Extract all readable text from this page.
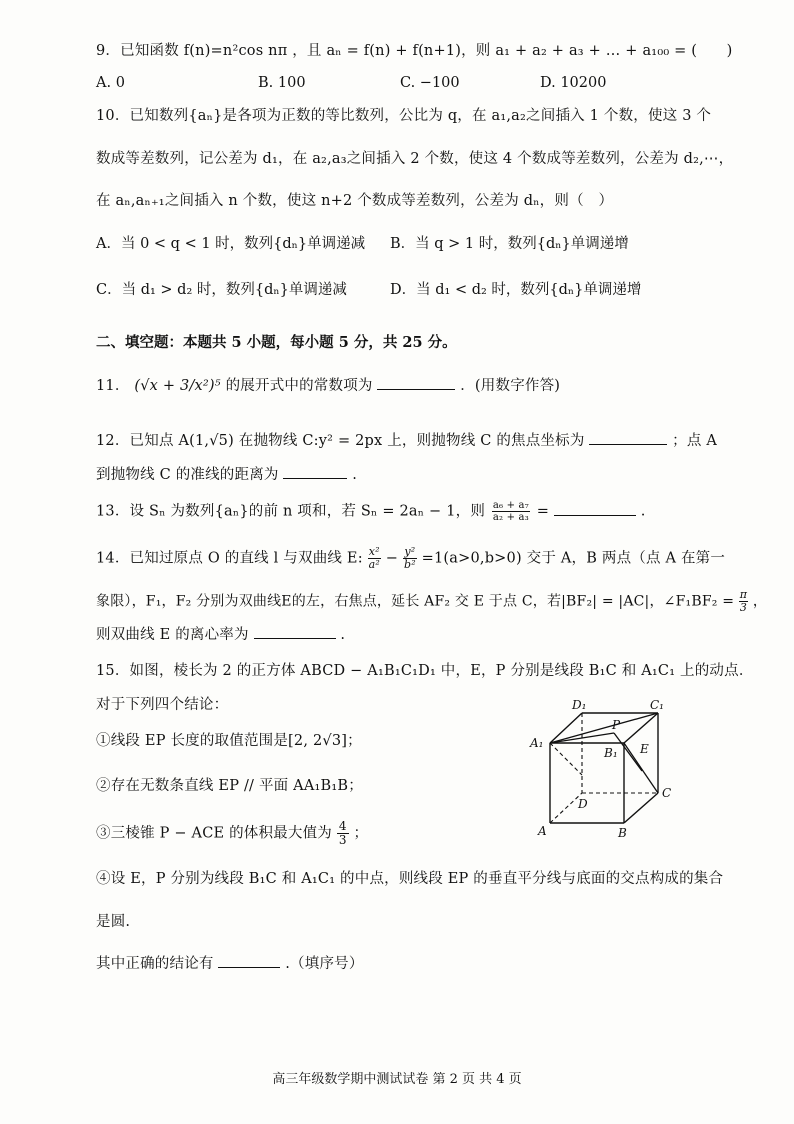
9．已知函数 f(n)=n²cos nπ ，且 aₙ = f(n) + f(n+1)，则 a₁ + a₂ + a₃ + … + a₁₀₀ = (　　)
A. 0	B. 100	C. −100	D. 10200
10．已知数列{aₙ}是各项为正数的等比数列，公比为 q，在 a₁,a₂之间插入 1 个数，使这 3 个
数成等差数列，记公差为 d₁，在 a₂,a₃之间插入 2 个数，使这 4 个数成等差数列，公差为 d₂,⋯，
在 aₙ,aₙ₊₁之间插入 n 个数，使这 n+2 个数成等差数列，公差为 dₙ，则（　）
A．当 0 < q < 1 时，数列{dₙ}单调递减 B．当 q > 1 时，数列{dₙ}单调递增
C．当 d₁ > d₂ 时，数列{dₙ}单调递减	D．当 d₁ < d₂ 时，数列{dₙ}单调递增
二、填空题：本题共 5 小题，每小题 5 分，共 25 分。
11． (√x + 3/x²)⁵ 的展开式中的常数项为	．(用数字作答)
12．已知点 A(1,√5) 在抛物线 C:y² = 2px 上，则抛物线 C 的焦点坐标为	；点 A
到抛物线 C 的准线的距离为	.
13．设 Sₙ 为数列{aₙ}的前 n 项和，若 Sₙ = 2aₙ − 1，则 $\frac{\text{a₆ + a₇}}{\text{a₂ + a₃}}$ =	.
14．已知过原点 O 的直线 l 与双曲线 E: $\frac{\text{x²}}{\text{a²}} - \frac{\text{y²}}{\text{b²}} =1(a>0,b>0)$ 交于 A，B 两点（点 A 在第一
象限），F₁，F₂ 分别为双曲线E的左，右焦点，延长 AF₂ 交 E 于点 C，若|BF₂| = |AC|，∠F₁BF₂ = $\frac{\pi}{3}$ ，
则双曲线 E 的离心率为	.
15．如图，棱长为 2 的正方体 ABCD − A₁B₁C₁D₁ 中，E，P 分别是线段 B₁C 和 A₁C₁ 上的动点．
对于下列四个结论：
①线段 EP 长度的取值范围是[2, 2√3]；
②存在无数条直线 EP // 平面 AA₁B₁B；
③三棱锥 P − ACE 的体积最大值为 $\frac{4}{3}$ ；
④设 E，P 分别为线段 B₁C 和 A₁C₁ 的中点，则线段 EP 的垂直平分线与底面的交点构成的集合
是圆.
其中正确的结论有	.（填序号）
D₁	C₁
A₁
B₁
P
E
D
C
A	B
高三年级数学期中测试试卷 第 2 页 共 4 页
